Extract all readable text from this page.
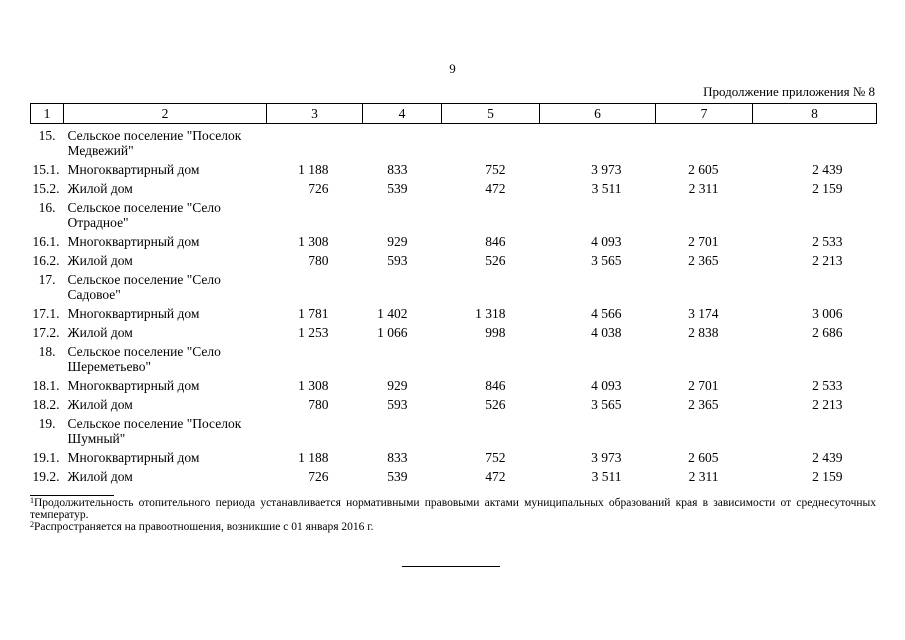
9
Продолжение приложения № 8
1	2	3	4	5	6	7	8
15.	Сельское поселение "Поселок Медвежий"						
15.1.	Многоквартирный дом	1 188	833	752	3 973	2 605	2 439
15.2.	Жилой дом	726	539	472	3 511	2 311	2 159
16.	Сельское поселение "Село Отрадное"						
16.1.	Многоквартирный дом	1 308	929	846	4 093	2 701	2 533
16.2.	Жилой дом	780	593	526	3 565	2 365	2 213
17.	Сельское поселение "Село Садовое"						
17.1.	Многоквартирный дом	1 781	1 402	1 318	4 566	3 174	3 006
17.2.	Жилой дом	1 253	1 066	998	4 038	2 838	2 686
18.	Сельское поселение "Село Шереметьево"						
18.1.	Многоквартирный дом	1 308	929	846	4 093	2 701	2 533
18.2.	Жилой дом	780	593	526	3 565	2 365	2 213
19.	Сельское поселение "Поселок Шумный"						
19.1.	Многоквартирный дом	1 188	833	752	3 973	2 605	2 439
19.2.	Жилой дом	726	539	472	3 511	2 311	2 159
$^1$Продолжительность отопительного периода устанавливается нормативными правовыми актами муниципальных образований края в зависимости от среднесуточных температур.
$^2$Распространяется на правоотношения, возникшие с 01 января 2016 г.
